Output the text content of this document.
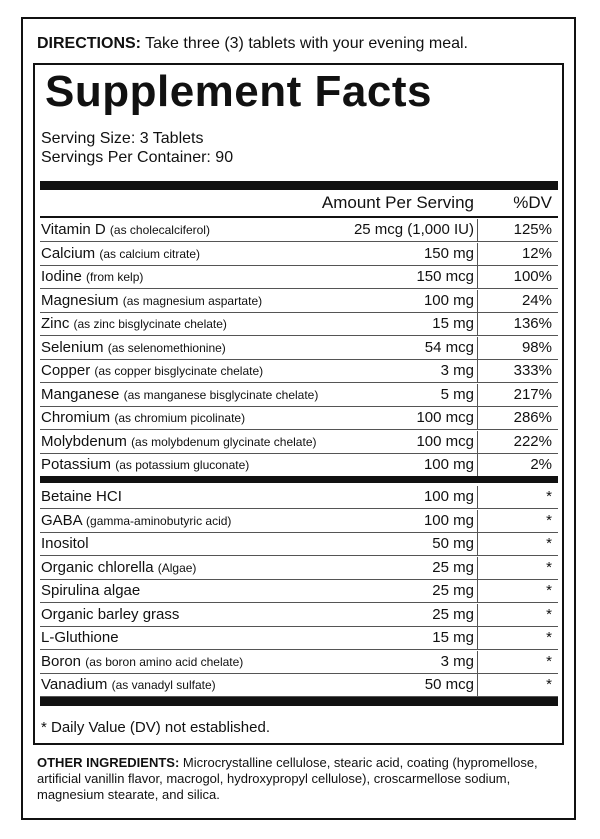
DIRECTIONS: Take three (3) tablets with your evening meal.
Supplement Facts
Serving Size: 3 Tablets
Servings Per Container: 90
Amount Per Serving %DV
Vitamin D (as cholecalciferol)	25 mcg (1,000 IU)	125%
Calcium (as calcium citrate)	150 mg	12%
Iodine (from kelp)	150 mcg	100%
Magnesium (as magnesium aspartate)	100 mg	24%
Zinc (as zinc bisglycinate chelate)	15 mg	136%
Selenium (as selenomethionine)	54 mcg	98%
Copper (as copper bisglycinate chelate)	3 mg	333%
Manganese (as manganese bisglycinate chelate)	5 mg	217%
Chromium (as chromium picolinate)	100 mcg	286%
Molybdenum (as molybdenum glycinate chelate)	100 mcg	222%
Potassium (as potassium gluconate)	100 mg	2%
Betaine HCI	100 mg	*
GABA (gamma-aminobutyric acid)	100 mg	*
Inositol	50 mg	*
Organic chlorella (Algae)	25 mg	*
Spirulina algae	25 mg	*
Organic barley grass	25 mg	*
L-Gluthione	15 mg	*
Boron (as boron amino acid chelate)	3 mg	*
Vanadium (as vanadyl sulfate)	50 mcg	*
* Daily Value (DV) not established.
OTHER INGREDIENTS: Microcrystalline cellulose, stearic acid, coating (hypromellose, artificial vanillin flavor, macrogol, hydroxypropyl cellulose), croscarmellose sodium, magnesium stearate, and silica.
